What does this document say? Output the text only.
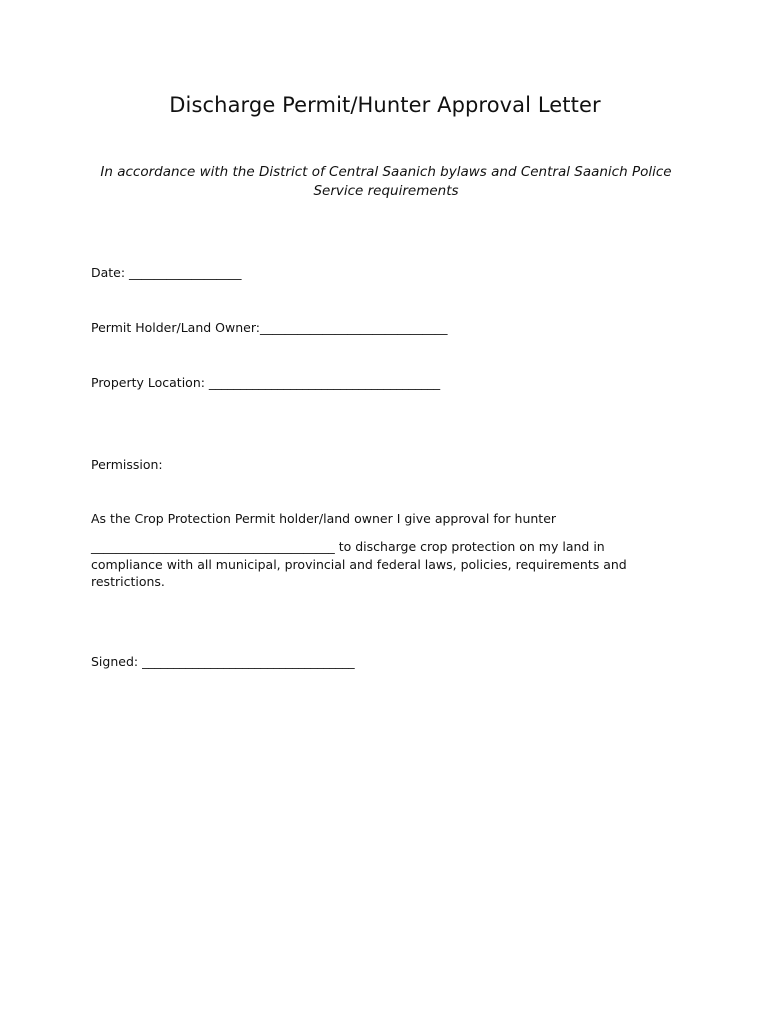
Discharge Permit/Hunter Approval Letter
In accordance with the District of Central Saanich bylaws and Central Saanich Police Service requirements
Date: __________________
Permit Holder/Land Owner:______________________________
Property Location: _____________________________________
Permission:
As the Crop Protection Permit holder/land owner I give approval for hunter
_______________________________________ to discharge crop protection on my land in
compliance with all municipal, provincial and federal laws, policies, requirements and
restrictions.
Signed: __________________________________
